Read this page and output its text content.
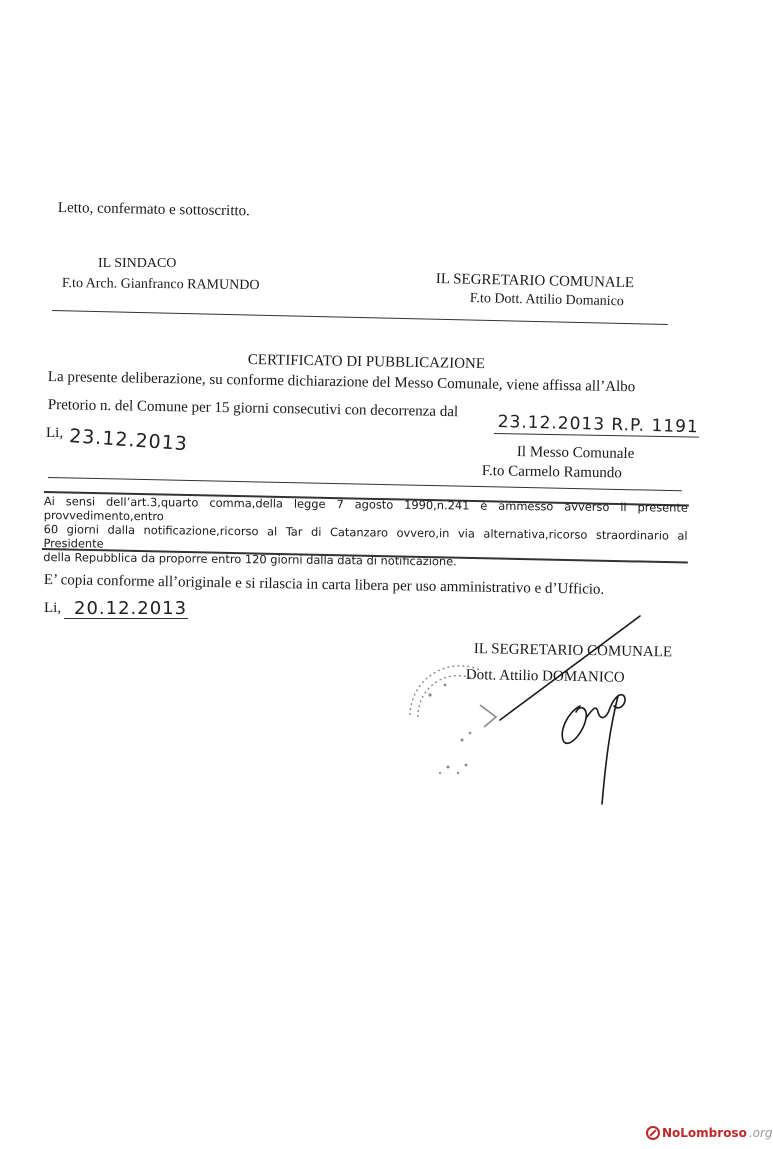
Letto, confermato e sottoscritto.
IL SINDACO
F.to Arch. Gianfranco RAMUNDO	IL SEGRETARIO COMUNALE
F.to Dott. Attilio Domanico
CERTIFICATO DI PUBBLICAZIONE
La presente deliberazione, su conforme dichiarazione del Messo Comunale, viene affissa all’Albo
Pretorio n. del Comune per 15 giorni consecutivi con decorrenza dal
23.12.2013 R.P. 1191
Li, 23.12.2013	Il Messo Comunale
F.to Carmelo Ramundo
Ai sensi dell’art.3,quarto comma,della legge 7 agosto 1990,n.241 è ammesso avverso il presente provvedimento,entro
60 giorni dalla notificazione,ricorso al Tar di Catanzaro ovvero,in via alternativa,ricorso straordinario al Presidente
della Repubblica da proporre entro 120 giorni dalla data di notificazione.
E’ copia conforme all’originale e si rilascia in carta libera per uso amministrativo e d’Ufficio.
Li, 20.12.2013
IL SEGRETARIO COMUNALE
Dott. Attilio DOMANICO
NoLombroso .org
